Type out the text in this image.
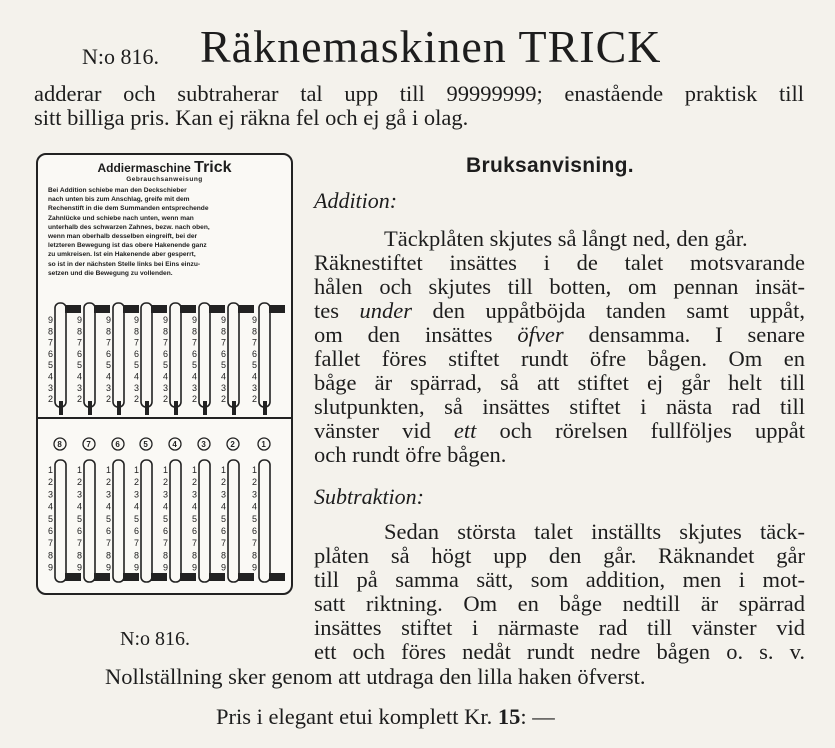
N:o 816. Räknemaskinen TRICK
adderar och subtraherar tal upp till 99999999; enastående praktisk till
sitt billiga pris. Kan ej räkna fel och ej gå i olag.
9
8
7
6
5
4
3
2
8
1
2
3
4
5
6
7
8
9
9
8
7
6
5
4
3
2
7
1
2
3
4
5
6
7
8
9
9
8
7
6
5
4
3
2
6
1
2
3
4
5
6
7
8
9
9
8
7
6
5
4
3
2
5
1
2
3
4
5
6
7
8
9
9
8
7
6
5
4
3
2
4
1
2
3
4
5
6
7
8
9
9
8
7
6
5
4
3
2
3
1
2
3
4
5
6
7
8
9
9
8
7
6
5
4
3
2
2
1
2
3
4
5
6
7
8
9
9
8
7
6
5
4
3
2
1
1
2
3
4
5
6
7
8
9
Addiermaschine Trick
Gebrauchsanweisung
Bei Addition schiebe man den Deckschieber
nach unten bis zum Anschlag, greife mit dem
Rechenstift in die dem Summanden entsprechende
Zahnlücke und schiebe nach unten, wenn man
unterhalb des schwarzen Zahnes, bezw. nach oben,
wenn man oberhalb desselben eingreift, bei der
letzteren Bewegung ist das obere Hakenende ganz
zu umkreisen. Ist ein Hakenende aber gesperrt,
so ist in der nächsten Stelle links bei Eins einzu-
setzen und die Bewegung zu vollenden.
N:o 816.
Bruksanvisning.
Addition:
Täckplåten skjutes så långt ned, den går.
Räknestiftet insättes i de talet motsvarande
hålen och skjutes till botten, om pennan insät-
tes under den uppåtböjda tanden samt uppåt,
om den insättes öfver densamma. I senare
fallet föres stiftet rundt öfre bågen. Om en
båge är spärrad, så att stiftet ej går helt till
slutpunkten, så insättes stiftet i nästa rad till
vänster vid ett och rörelsen fullföljes uppåt
och rundt öfre bågen.
Subtraktion:
Sedan största talet inställts skjutes täck-
plåten så högt upp den går. Räknandet går
till på samma sätt, som addition, men i mot-
satt riktning. Om en båge nedtill är spärrad
insättes stiftet i närmaste rad till vänster vid
ett och föres nedåt rundt nedre bågen o. s. v.
Nollställning sker genom att utdraga den lilla haken öfverst.
Pris i elegant etui komplett Kr. 15: —
